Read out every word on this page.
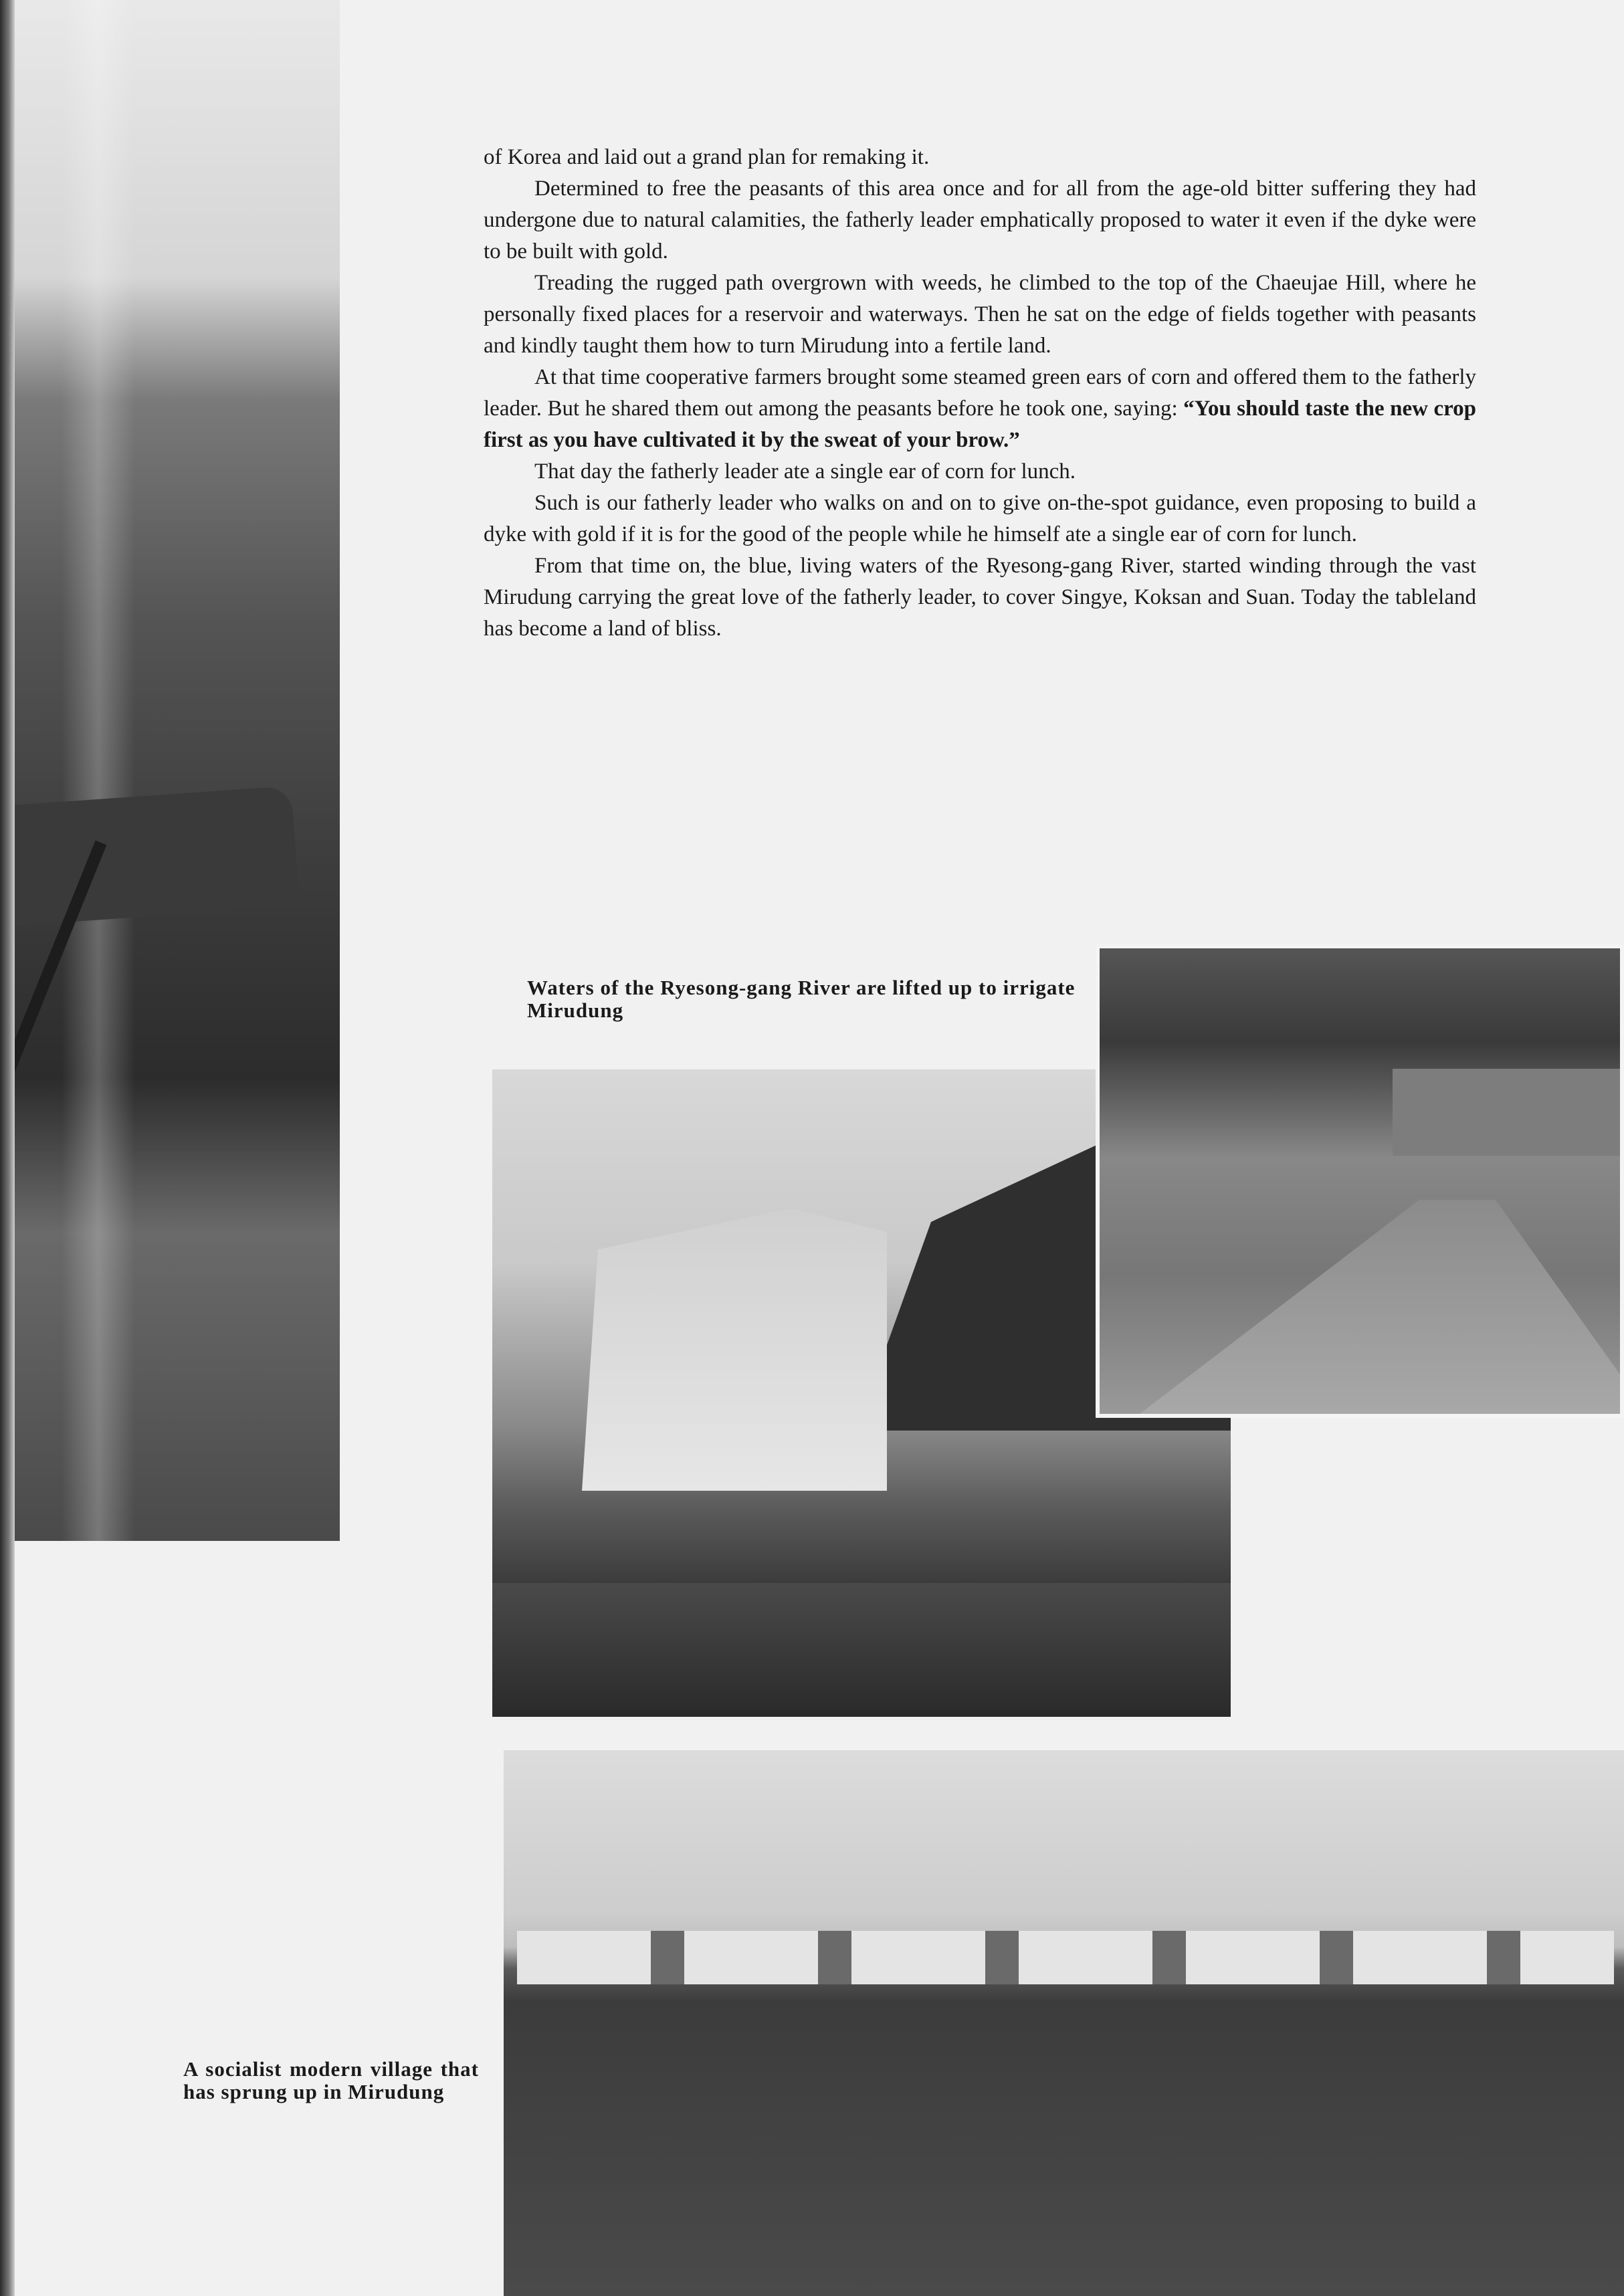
of Korea and laid out a grand plan for remaking it.

Determined to free the peasants of this area once and for all from the age-old bitter suffering they had undergone due to natural calamities, the fatherly leader emphatically proposed to water it even if the dyke were to be built with gold.

Treading the rugged path overgrown with weeds, he climbed to the top of the Chaeujae Hill, where he personally fixed places for a reservoir and waterways. Then he sat on the edge of fields together with peasants and kindly taught them how to turn Mirudung into a fertile land.

At that time cooperative farmers brought some steamed green ears of corn and offered them to the fatherly leader. But he shared them out among the peasants before he took one, saying: “You should taste the new crop first as you have cultivated it by the sweat of your brow.”

That day the fatherly leader ate a single ear of corn for lunch.

Such is our fatherly leader who walks on and on to give on-the-spot guidance, even proposing to build a dyke with gold if it is for the good of the people while he himself ate a single ear of corn for lunch.

From that time on, the blue, living waters of the Ryesong-gang River, started winding through the vast Mirudung carrying the great love of the fatherly leader, to cover Singye, Koksan and Suan. Today the tableland has become a land of bliss.

Waters of the Ryesong-gang River are lifted up to irrigate Mirudung
A socialist modern village that has sprung up in Mirudung
